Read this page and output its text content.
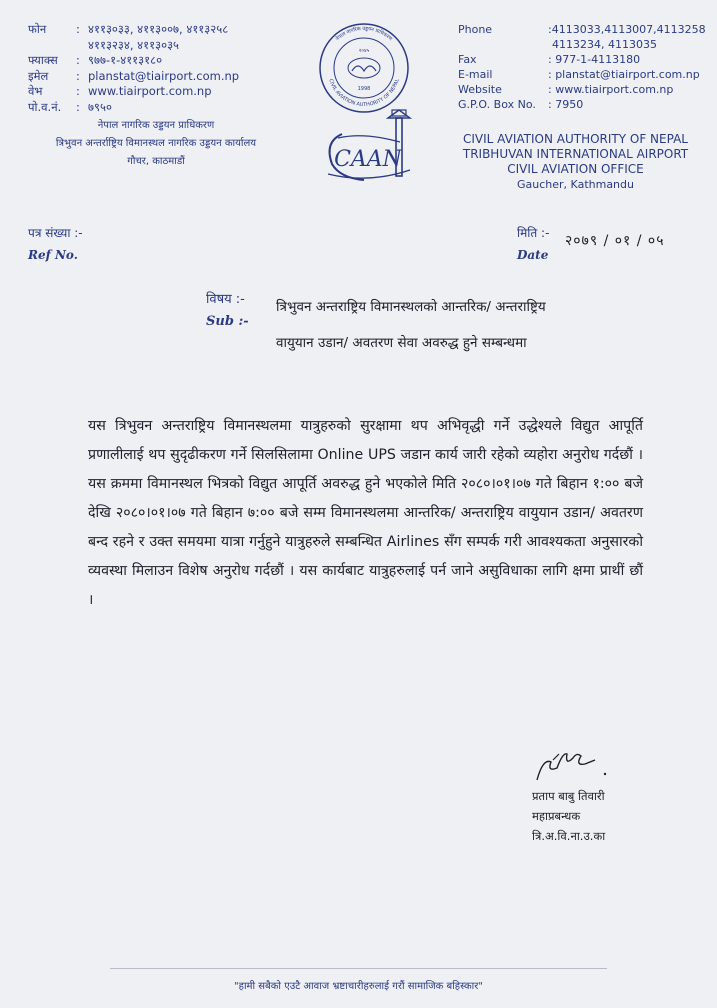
फोन	: ४११३०३३, ४११३००७, ४११३२५८
४११३२३४, ४११३०३५
फ्याक्स	: ९७७-१-४११३१८०
इमेल	: planstat@tiairport.com.np
वेभ	: www.tiairport.com.np
पो.व.नं.	: ७९५०
नेपाल नागरिक उड्डयन प्राधिकरण
त्रिभुवन अन्तर्राष्ट्रिय विमानस्थल नागरिक उड्डयन कार्यालय
गौचर, काठमाडौं
नेपाल नागरिक उड्डयन प्राधिकरण
CIVIL AVIATION AUTHORITY OF NEPAL
२०४५
1998
CAAN
Phone	:4113033,4113007,4113258
4113234, 4113035
Fax	: 977-1-4113180
E-mail	: planstat@tiairport.com.np
Website	: www.tiairport.com.np
G.P.O. Box No.	: 7950
CIVIL AVIATION AUTHORITY OF NEPAL
TRIBHUVAN INTERNATIONAL AIRPORT
CIVIL AVIATION OFFICE
Gaucher, Kathmandu
पत्र संख्या :-
Ref No.
मिति :- २०७९ / ०१ / ०५
Date
विषय :-
Sub :-
त्रिभुवन अन्तराष्ट्रिय विमानस्थलको आन्तरिक/ अन्तराष्ट्रिय
वायुयान उडान/ अवतरण सेवा अवरुद्ध हुने सम्बन्धमा
यस त्रिभुवन अन्तराष्ट्रिय विमानस्थलमा यात्रुहरुको सुरक्षामा थप अभिवृद्धी गर्ने उद्धेश्यले विद्युत आपूर्ति प्रणालीलाई थप सुदृढीकरण गर्ने सिलसिलामा Online UPS जडान कार्य जारी रहेको व्यहोरा अनुरोध गर्दछौं । यस क्रममा विमानस्थल भित्रको विद्युत आपूर्ति अवरुद्ध हुने भएकोले मिति २०८०।०१।०७ गते बिहान १:०० बजे देखि २०८०।०१।०७ गते बिहान ७:०० बजे सम्म विमानस्थलमा आन्तरिक/ अन्तराष्ट्रिय वायुयान उडान/ अवतरण बन्द रहने र उक्त समयमा यात्रा गर्नुहुने यात्रुहरुले सम्बन्धित Airlines सँग सम्पर्क गरी आवश्यकता अनुसारको व्यवस्था मिलाउन विशेष अनुरोध गर्दछौं । यस कार्यबाट यात्रुहरुलाई पर्न जाने असुविधाका लागि क्षमा प्राथीं छौं ।
प्रताप बाबु तिवारी
महाप्रबन्धक
त्रि.अ.वि.ना.उ.का
"हामी सबैको एउटै आवाज भ्रष्टाचारीहरुलाई गरौं सामाजिक बहिस्कार"
